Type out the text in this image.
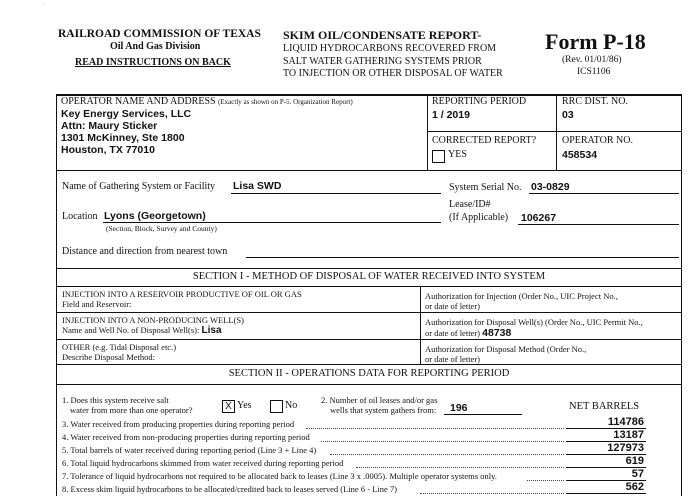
˙
RAILROAD COMMISSION OF TEXAS
Oil And Gas Division
READ INSTRUCTIONS ON BACK
SKIM OIL/CONDENSATE REPORT-
LIQUID HYDROCARBONS RECOVERED FROM
SALT WATER GATHERING SYSTEMS PRIOR
TO INJECTION OR OTHER DISPOSAL OF WATER
Form P-18
(Rev. 01/01/86)
ICS1106
OPERATOR NAME AND ADDRESS (Exactly as shown on P-5. Organization Report)
Key Energy Services, LLC
Attn: Maury Sticker
1301 McKinney, Ste 1800
Houston, TX 77010
REPORTING PERIOD
1 / 2019
RRC DIST. NO.
03
CORRECTED REPORT?
YES
OPERATOR NO.
458534
Name of Gathering System or Facility Lisa SWD	System Serial No. 03-0829
Lease/ID#
(If Applicable) 106267
Location Lyons (Georgetown)
(Section, Block, Survey and County)
Distance and direction from nearest town
SECTION I - METHOD OF DISPOSAL OF WATER RECEIVED INTO SYSTEM
INJECTION INTO A RESERVOIR PRODUCTIVE OF OIL OR GAS
Field and Reservoir:
Authorization for Injection (Order No., UIC Project No.,
or date of letter)
INJECTION INTO A NON-PRODUCING WELL(S)
Name and Well No. of Disposal Well(s): Lisa
Authorization for Disposal Well(s) (Order No., UIC Permit No.,
or date of letter) 48738
OTHER (e.g. Tidal Disposal etc.)
Describe Disposal Method:
Authorization for Disposal Method (Order No.,
or date of letter)
SECTION II - OPERATIONS DATA FOR REPORTING PERIOD
1. Does this system receive salt
water from more than one operator?	X Yes	No	2. Number of oil leases and/or gas
wells that system gathers from: 196	NET BARRELS
3. Water received from producing properties during reporting period	114786
4. Water received from non-producing properties during reporting period	13187
5. Total barrels of water received during reporting period (Line 3 + Line 4)	127973
6. Total liquid hydrocarbons skimmed from water received during reporting period	619
7. Tolerance of liquid hydrocarbons not required to be allocated back to leases (Line 3 x .0005). Multiple operator systems only.	57
8. Excess skim liquid hydrocarbons to be allocated/credited back to leases served (Line 6 - Line 7)	562
